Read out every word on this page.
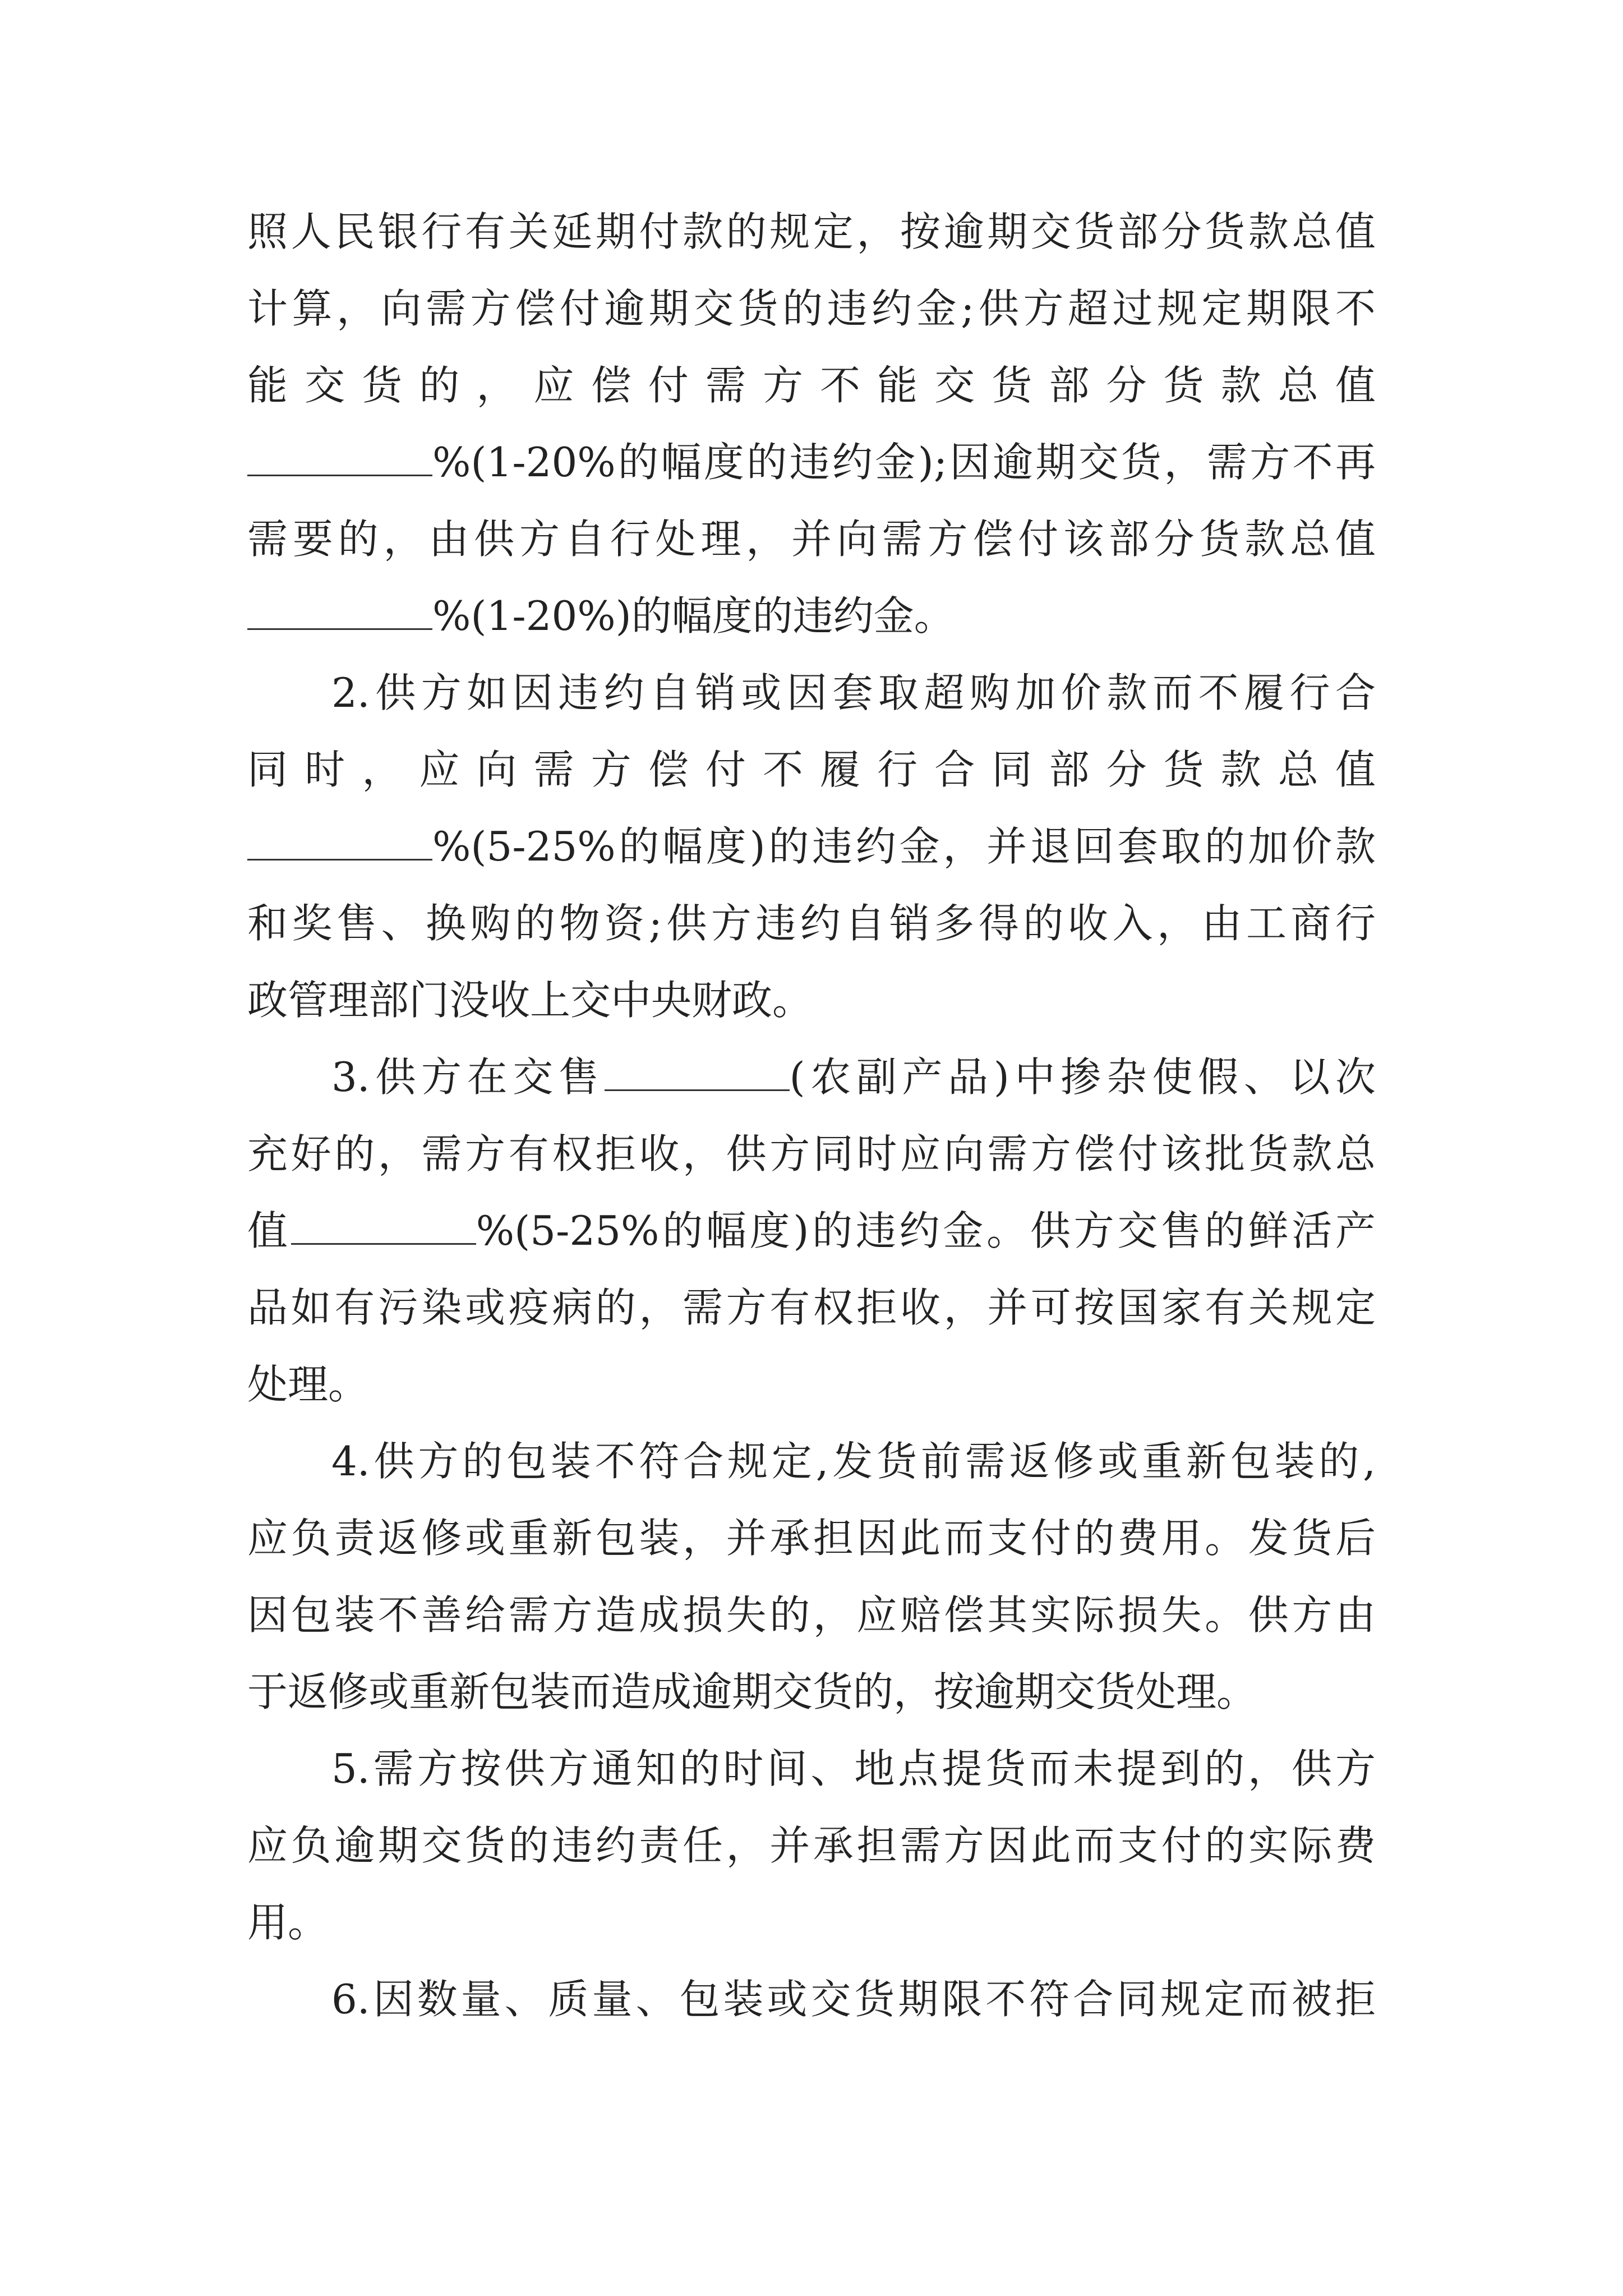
照人民银行有关延期付款的规定，按逾期交货部分货款总值
计算，向需方偿付逾期交货的违约金;供方超过规定期限不
能交货的，应偿付需方不能交货部分货款总值
%(1-20%的幅度的违约金);因逾期交货，需方不再
需要的，由供方自行处理，并向需方偿付该部分货款总值
%(1-20%)的幅度的违约金。
2.供方如因违约自销或因套取超购加价款而不履行合
同时，应向需方偿付不履行合同部分货款总值
%(5-25%的幅度)的违约金，并退回套取的加价款
和奖售、换购的物资;供方违约自销多得的收入，由工商行
政管理部门没收上交中央财政。
3.供方在交售	(农副产品)中掺杂使假、以次
充好的，需方有权拒收，供方同时应向需方偿付该批货款总
值	%(5-25%的幅度)的违约金。供方交售的鲜活产
品如有污染或疫病的，需方有权拒收，并可按国家有关规定
处理。
4.供方的包装不符合规定,发货前需返修或重新包装的,
应负责返修或重新包装，并承担因此而支付的费用。发货后
因包装不善给需方造成损失的，应赔偿其实际损失。供方由
于返修或重新包装而造成逾期交货的，按逾期交货处理。
5.需方按供方通知的时间、地点提货而未提到的，供方
应负逾期交货的违约责任，并承担需方因此而支付的实际费
用。
6.因数量、质量、包装或交货期限不符合同规定而被拒
